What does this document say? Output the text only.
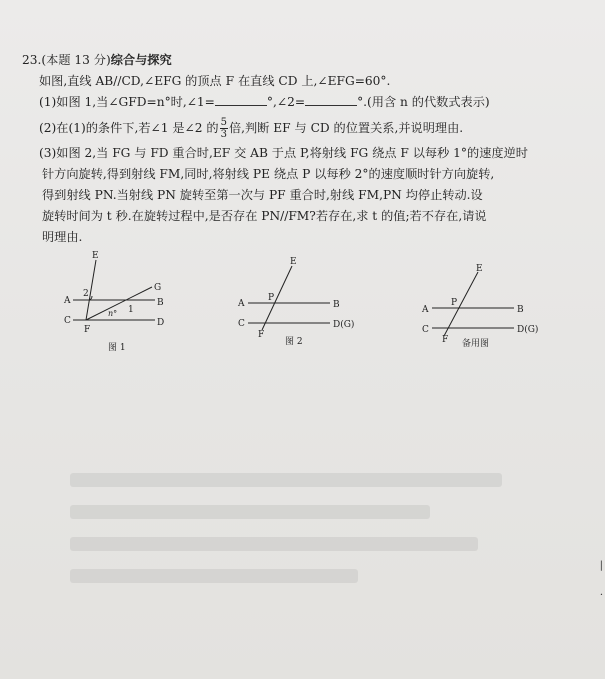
23.(本题 13 分)综合与探究
如图,直线 AB//CD,∠EFG 的顶点 F 在直线 CD 上,∠EFG=60°.
(1)如图 1,当∠GFD=n°时,∠1=	°,∠2=	°.(用含 n 的代数式表示)
(2)在(1)的条件下,若∠1 是∠2 的 $\frac{5}{3}$ 倍,判断 EF 与 CD 的位置关系,并说明理由.
(3)如图 2,当 FG 与 FD 重合时,EF 交 AB 于点 P,将射线 FG 绕点 F 以每秒 1°的速度逆时
针方向旋转,得到射线 FM,同时,将射线 PE 绕点 P 以每秒 2°的速度顺时针方向旋转,
得到射线 PN.当射线 PN 旋转至第一次与 PF 重合时,射线 FM,PN 均停止转动.设
旋转时间为 t 秒.在旋转过程中,是否存在 PN//FM?若存在,求 t 的值;若不存在,请说
明理由.
E
G
A	B
C	D
F
2
1
n°
图 1
E
P
A	B
C	D(G)
F
图 2
E
P
A	B
C	D(G)
F 备用图
|
·
